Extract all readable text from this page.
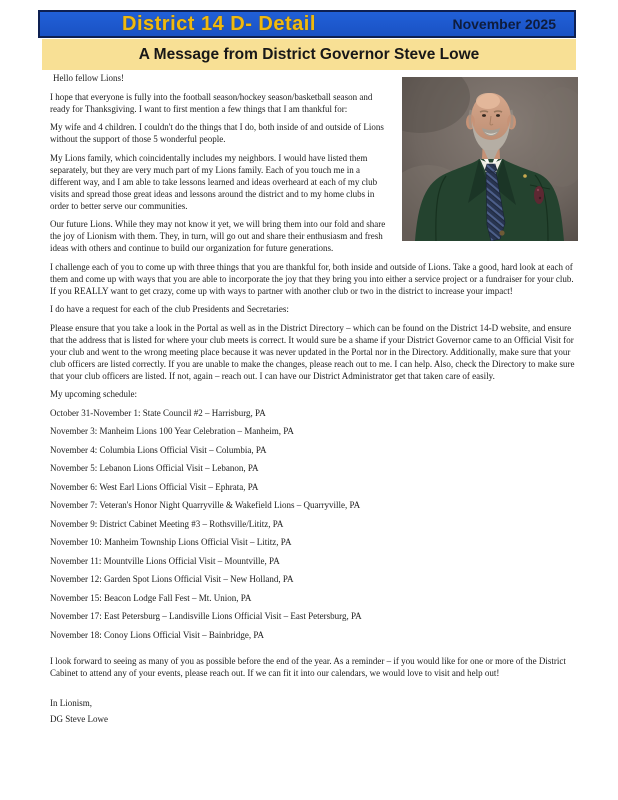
District 14 D- Detail	November 2025
A Message from District Governor Steve Lowe

Hello fellow Lions!

I hope that everyone is fully into the football season/hockey season/basketball season and ready for Thanksgiving. I want to first mention a few things that I am thankful for:

My wife and 4 children. I couldn't do the things that I do, both inside of and outside of Lions without the support of those 5 wonderful people.

My Lions family, which coincidentally includes my neighbors. I would have listed them separately, but they are very much part of my Lions family. Each of you touch me in a different way, and I am able to take lessons learned and ideas overheard at each of my club visits and spread those great ideas and lessons around the district and to my home clubs in order to better serve our communities.

Our future Lions. While they may not know it yet, we will bring them into our fold and share the joy of Lionism with them. They, in turn, will go out and share their enthusiasm and fresh ideas with others and continue to build our organization for future generations.

I challenge each of you to come up with three things that you are thankful for, both inside and outside of Lions. Take a good, hard look at each of them and come up with ways that you are able to incorporate the joy that they bring you into either a service project or a fundraiser for your club. If you REALLY want to get crazy, come up with ways to partner with another club or two in the district to increase your impact!

I do have a request for each of the club Presidents and Secretaries:

Please ensure that you take a look in the Portal as well as in the District Directory – which can be found on the District 14-D website, and ensure that the address that is listed for where your club meets is correct. It would sure be a shame if your District Governor came to an Official Visit for your club and went to the wrong meeting place because it was never updated in the Portal nor in the Directory. Additionally, make sure that your club officers are listed correctly. If you are unable to make the changes, please reach out to me. I can help. Also, check the Directory to make sure that your club officers are listed. If not, again – reach out. I can have our District Administrator get that taken care of easily.

My upcoming schedule:

October 31-November 1: State Council #2 – Harrisburg, PA

November 3: Manheim Lions 100 Year Celebration – Manheim, PA

November 4: Columbia Lions Official Visit – Columbia, PA

November 5: Lebanon Lions Official Visit – Lebanon, PA

November 6: West Earl Lions Official Visit – Ephrata, PA

November 7: Veteran's Honor Night Quarryville & Wakefield Lions – Quarryville, PA

November 9: District Cabinet Meeting #3 – Rothsville/Lititz, PA

November 10: Manheim Township Lions Official Visit – Lititz, PA

November 11: Mountville Lions Official Visit – Mountville, PA

November 12: Garden Spot Lions Official Visit – New Holland, PA

November 15: Beacon Lodge Fall Fest – Mt. Union, PA

November 17: East Petersburg – Landisville Lions Official Visit – East Petersburg, PA

November 18: Conoy Lions Official Visit – Bainbridge, PA

I look forward to seeing as many of you as possible before the end of the year. As a reminder – if you would like for one or more of the District Cabinet to attend any of your events, please reach out. If we can fit it into our calendars, we would love to visit and help out!

In Lionism,

DG Steve Lowe
